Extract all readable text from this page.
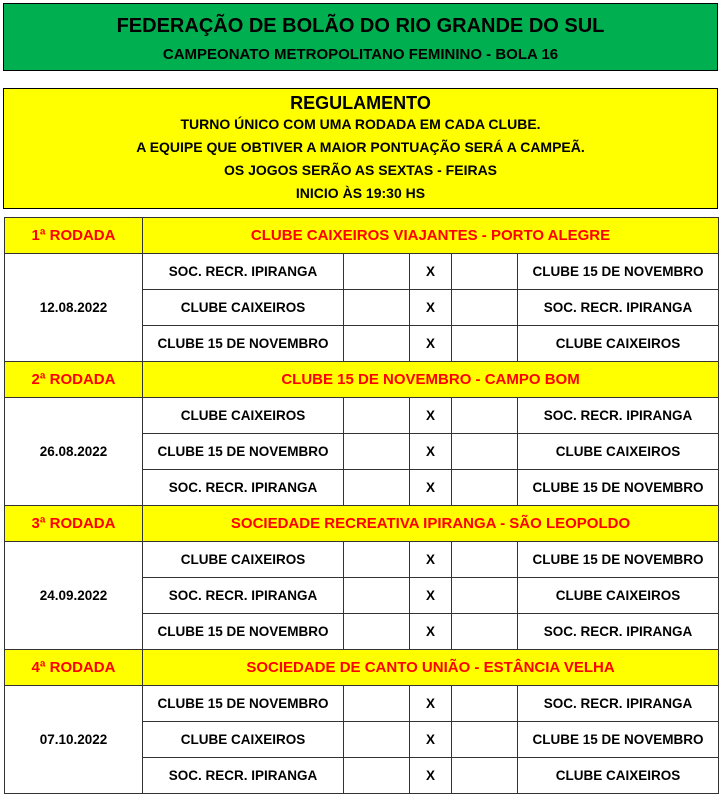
FEDERAÇÃO DE BOLÃO DO RIO GRANDE DO SUL
CAMPEONATO METROPOLITANO FEMININO - BOLA 16
REGULAMENTO
TURNO ÚNICO COM UMA RODADA EM CADA CLUBE.
A EQUIPE QUE OBTIVER A MAIOR PONTUAÇÃO SERÁ A CAMPEÃ.
OS JOGOS SERÃO AS SEXTAS - FEIRAS
INICIO ÀS 19:30 HS
1ª RODADA	CLUBE CAIXEIROS VIAJANTES - PORTO ALEGRE				
12.08.2022	SOC. RECR. IPIRANGA		X		CLUBE 15 DE NOVEMBRO
	CLUBE CAIXEIROS		X		SOC. RECR. IPIRANGA
	CLUBE 15 DE NOVEMBRO		X		CLUBE CAIXEIROS
2ª RODADA	CLUBE 15 DE NOVEMBRO - CAMPO BOM				
26.08.2022	CLUBE CAIXEIROS		X		SOC. RECR. IPIRANGA
	CLUBE 15 DE NOVEMBRO		X		CLUBE CAIXEIROS
	SOC. RECR. IPIRANGA		X		CLUBE 15 DE NOVEMBRO
3ª RODADA	SOCIEDADE RECREATIVA IPIRANGA - SÃO LEOPOLDO				
24.09.2022	CLUBE CAIXEIROS		X		CLUBE 15 DE NOVEMBRO
	SOC. RECR. IPIRANGA		X		CLUBE CAIXEIROS
	CLUBE 15 DE NOVEMBRO		X		SOC. RECR. IPIRANGA
4ª RODADA	SOCIEDADE DE CANTO UNIÃO - ESTÂNCIA VELHA				
07.10.2022	CLUBE 15 DE NOVEMBRO		X		SOC. RECR. IPIRANGA
	CLUBE CAIXEIROS		X		CLUBE 15 DE NOVEMBRO
	SOC. RECR. IPIRANGA		X		CLUBE CAIXEIROS
